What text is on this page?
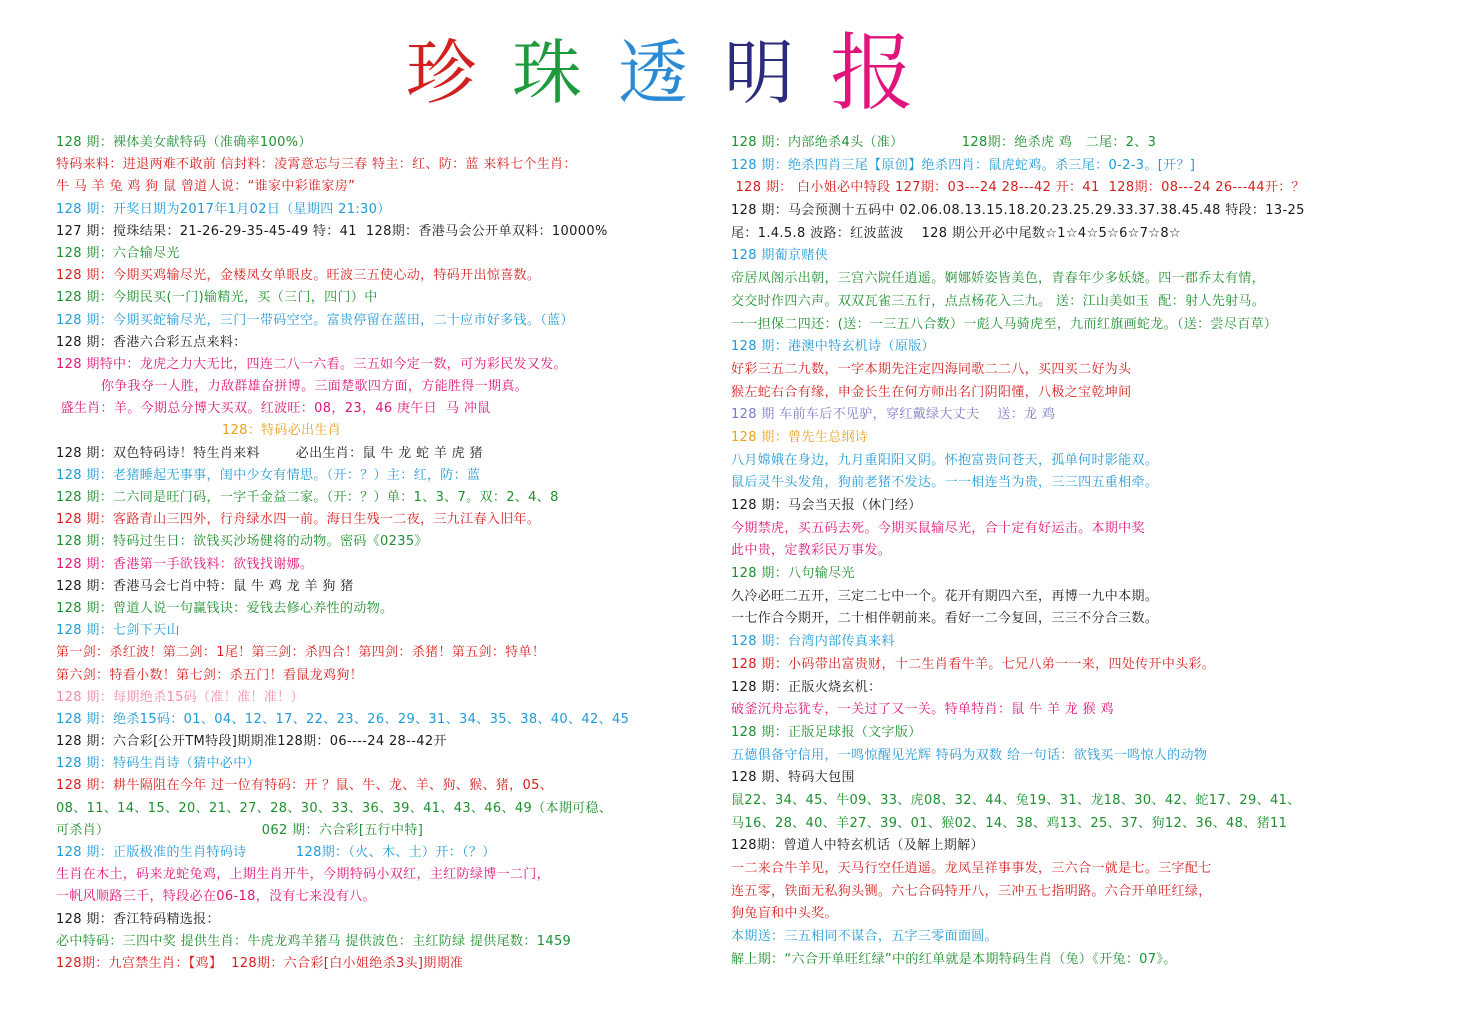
珍 珠 透 明 报
128 期：裸体美女献特码（准确率100%）
特码来料：进退两难不敢前 信封料：凌霄意忘与三春 特主：红、防：蓝 来料七个生肖：
牛 马 羊 兔 鸡 狗 鼠 曾道人说：“谁家中彩谁家房”
128 期：开奖日期为2017年1月02日（星期四 21:30）
127 期：搅珠结果：21-26-29-35-45-49 特：41  128期：香港马会公开单双料：10000%
128 期：六合输尽光
128 期：今期买鸡输尽光，金楼凤女单眼皮。旺波三五使心动，特码开出惊喜数。
128 期：今期民买(一门)输精光，买（三门，四门）中
128 期：今期买蛇输尽光，三门一带码空空。富贵停留在蓝田，二十应市好多钱。（蓝）
128 期：香港六合彩五点来料：
128 期特中：龙虎之力大无比，四连二八一六看。三五如今定一数，可为彩民发又发。
你争我夺一人胜，力敌群雄奋拼博。三面楚歌四方面，方能胜得一期真。
盛生肖：羊。今期总分博大买双。红波旺：08，23，46 庚午日  马 冲鼠
128：特码必出生肖
128 期：双色特码诗！特生肖来料        必出生肖：鼠 牛 龙 蛇 羊 虎 猪
128 期：老猪睡起无事事，闺中少女有情思。（开：？）主：红，防：蓝
128 期：二六同是旺门码，一字千金益二家。（开：？）单：1、3、7。双：2、4、8
128 期：客路青山三四外，行舟绿水四一前。海日生残一二夜，三九江春入旧年。
128 期：特码过生日：欲钱买沙场健将的动物。密码《0235》
128 期：香港第一手欲钱料：欲钱找谢娜。
128 期：香港马会七肖中特：鼠 牛 鸡 龙 羊 狗 猪
128 期：曾道人说一句赢钱诀：爱钱去修心养性的动物。
128 期：七剑下天山
第一剑：杀红波！第二剑：1尾！第三剑：杀四合！第四剑：杀猪！第五剑：特单！
第六剑：特看小数！第七剑：杀五门！看鼠龙鸡狗！
128 期：每期绝杀15码（准！准！准！）
128 期：绝杀15码：01、04、12、17、22、23、26、29、31、34、35、38、40、42、45
128 期：六合彩[公开TM特段]期期准128期：06----24 28--42开
128 期：特码生肖诗（猜中必中）
128 期：耕牛隔阻在今年 过一位有特码：开 ？鼠、牛、龙、羊、狗、猴、猪，05、
08、11、14、15、20、21、27、28、30、33、36、39、41、43、46、49（本期可稳、
可杀肖）                                  062 期：六合彩[五行中特]
128 期：正版极准的生肖特码诗           128期：（火、木、土）开：（？）
生肖在木土，码来龙蛇兔鸡，上期生肖开牛，今期特码小双红，主红防绿博一二门，
一帆风顺路三千，特段必在06-18，没有七来没有八。
128 期：香江特码精选报：
必中特码：三四中奖 提供生肖：牛虎龙鸡羊猪马 提供波色：主红防绿 提供尾数：1459
128期：九宫禁生肖：【鸡】  128期：六合彩[白小姐绝杀3头]期期准
128 期：内部绝杀4头（准）             128期：绝杀虎 鸡   二尾：2、3
128 期：绝杀四肖三尾【原创】绝杀四肖：鼠虎蛇鸡。杀三尾：0-2-3。[开？]
128 期： 白小姐必中特段 127期：03---24 28---42 开：41  128期：08---24 26---44开：？
128 期：马会预测十五码中 02.06.08.13.15.18.20.23.25.29.33.37.38.45.48 特段：13-25
尾：1.4.5.8 波路：红波蓝波    128 期公开必中尾数☆1☆4☆5☆6☆7☆8☆
128 期葡京赌侠
帝居凤阁示出朝，三宫六院任逍遥。婀娜娇姿皆美色，青春年少多妖娆。四一郡乔太有情，
交交时作四六声。双双瓦雀三五行，点点杨花入三九。 送：江山美如玉  配：射人先射马。
一一担保二四还：(送：一三五八合数）一彪人马骑虎至，九而红旗画蛇龙。（送：尝尽百草）
128 期：港澳中特玄机诗（原版）
好彩三五二九数，一字本期先注定四海同歌二二八，买四买二好为头
猴左蛇右合有缘，申金长生在何方师出名门阴阳懂，八极之宝乾坤间
128 期 车前车后不见驴，穿红戴绿大丈夫    送：龙 鸡
128 期：曾先生总纲诗
八月嫦娥在身边，九月重阳阳又阴。怀抱富贵问苍天，孤单何时影能双。
鼠后灵牛头发角，狗前老猪不发达。一一相连当为贵，三三四五重相牵。
128 期：马会当天报（休门经）
今期禁虎，买五码去死。今期买鼠输尽光，合十定有好运击。本期中奖
此中贵，定教彩民万事发。
128 期：八句输尽光
久冷必旺二五开，三定二七中一个。花开有期四六至，再博一九中本期。
一七作合今期开，二十相伴朝前来。看好一二今复回，三三不分合三数。
128 期：台湾内部传真来料
128 期：小码带出富贵财，十二生肖看牛羊。七兄八弟一一来，四处传开中头彩。
128 期：正版火烧玄机：
破釜沉舟忘犹专，一关过了又一关。特单特肖：鼠 牛 羊 龙 猴 鸡
128 期：正版足球报（文字版）
五德俱备守信用，一鸣惊醒见光辉 特码为双数 给一句话：欲钱买一鸣惊人的动物
128 期、特码大包围
鼠22、34、45、牛09、33、虎08、32、44、兔19、31、龙18、30、42、蛇17、29、41、
马16、28、40、羊27、39、01、猴02、14、38、鸡13、25、37、狗12、36、48、猪11
128期：曾道人中特玄机话（及解上期解）
一二来合牛羊见，天马行空任逍遥。龙凤呈祥事事发，三六合一就是七。三字配七
连五零，铁面无私狗头铡。六七合码特开八，三冲五七指明路。六合开单旺红绿，
狗兔盲和中头奖。
本期送：三五相同不谋合，五字三零面面圆。
解上期：“六合开单旺红绿”中的红单就是本期特码生肖（兔）《开兔：07》。
